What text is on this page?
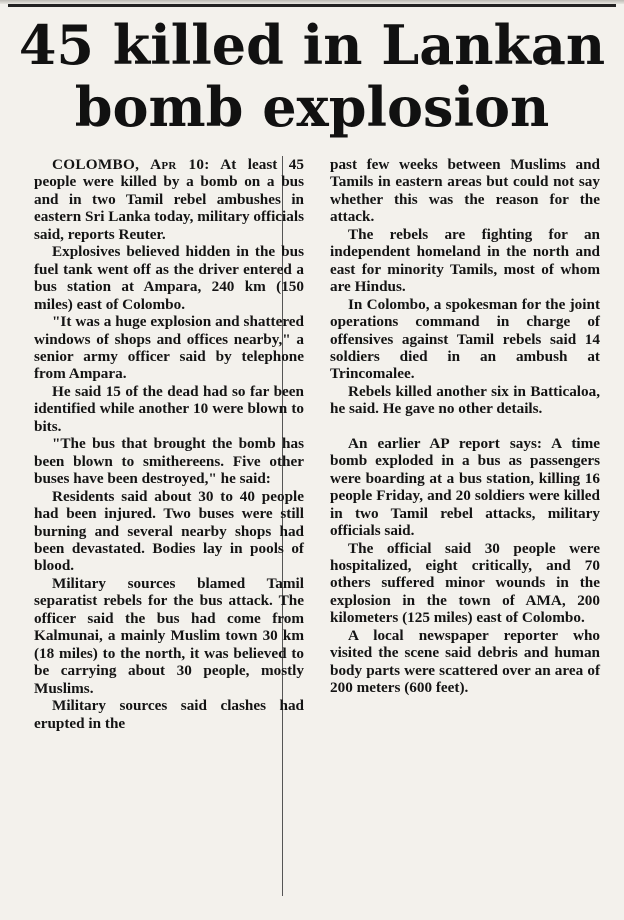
45 killed in Lankan
bomb explosion

COLOMBO, Apr 10: At least 45 people were killed by a bomb on a bus and in two Tamil rebel ambushes in eastern Sri Lanka today, military officials said, reports Reuter.

Explosives believed hidden in the bus fuel tank went off as the driver entered a bus station at Ampara, 240 km (150 miles) east of Colombo.

"It was a huge explosion and shattered windows of shops and offices nearby," a senior army officer said by telephone from Ampara.

He said 15 of the dead had so far been identified while another 10 were blown to bits.

"The bus that brought the bomb has been blown to smithereens. Five other buses have been destroyed," he said:

Residents said about 30 to 40 people had been injured. Two buses were still burning and several nearby shops had been devastated. Bodies lay in pools of blood.

Military sources blamed Tamil separatist rebels for the bus attack. The officer said the bus had come from Kalmunai, a mainly Muslim town 30 km (18 miles) to the north, it was believed to be carrying about 30 people, mostly Muslims.

Military sources said clashes had erupted in the

past few weeks between Muslims and Tamils in eastern areas but could not say whether this was the reason for the attack.

The rebels are fighting for an independent homeland in the north and east for minority Tamils, most of whom are Hindus.

In Colombo, a spokesman for the joint operations command in charge of offensives against Tamil rebels said 14 soldiers died in an ambush at Trincomalee.

Rebels killed another six in Batticaloa, he said. He gave no other details.

An earlier AP report says: A time bomb exploded in a bus as passengers were boarding at a bus station, killing 16 people Friday, and 20 soldiers were killed in two Tamil rebel attacks, military officials said.

The official said 30 people were hospitalized, eight critically, and 70 others suffered minor wounds in the explosion in the town of AMA, 200 kilometers (125 miles) east of Colombo.

A local newspaper reporter who visited the scene said debris and human body parts were scattered over an area of 200 meters (600 feet).
